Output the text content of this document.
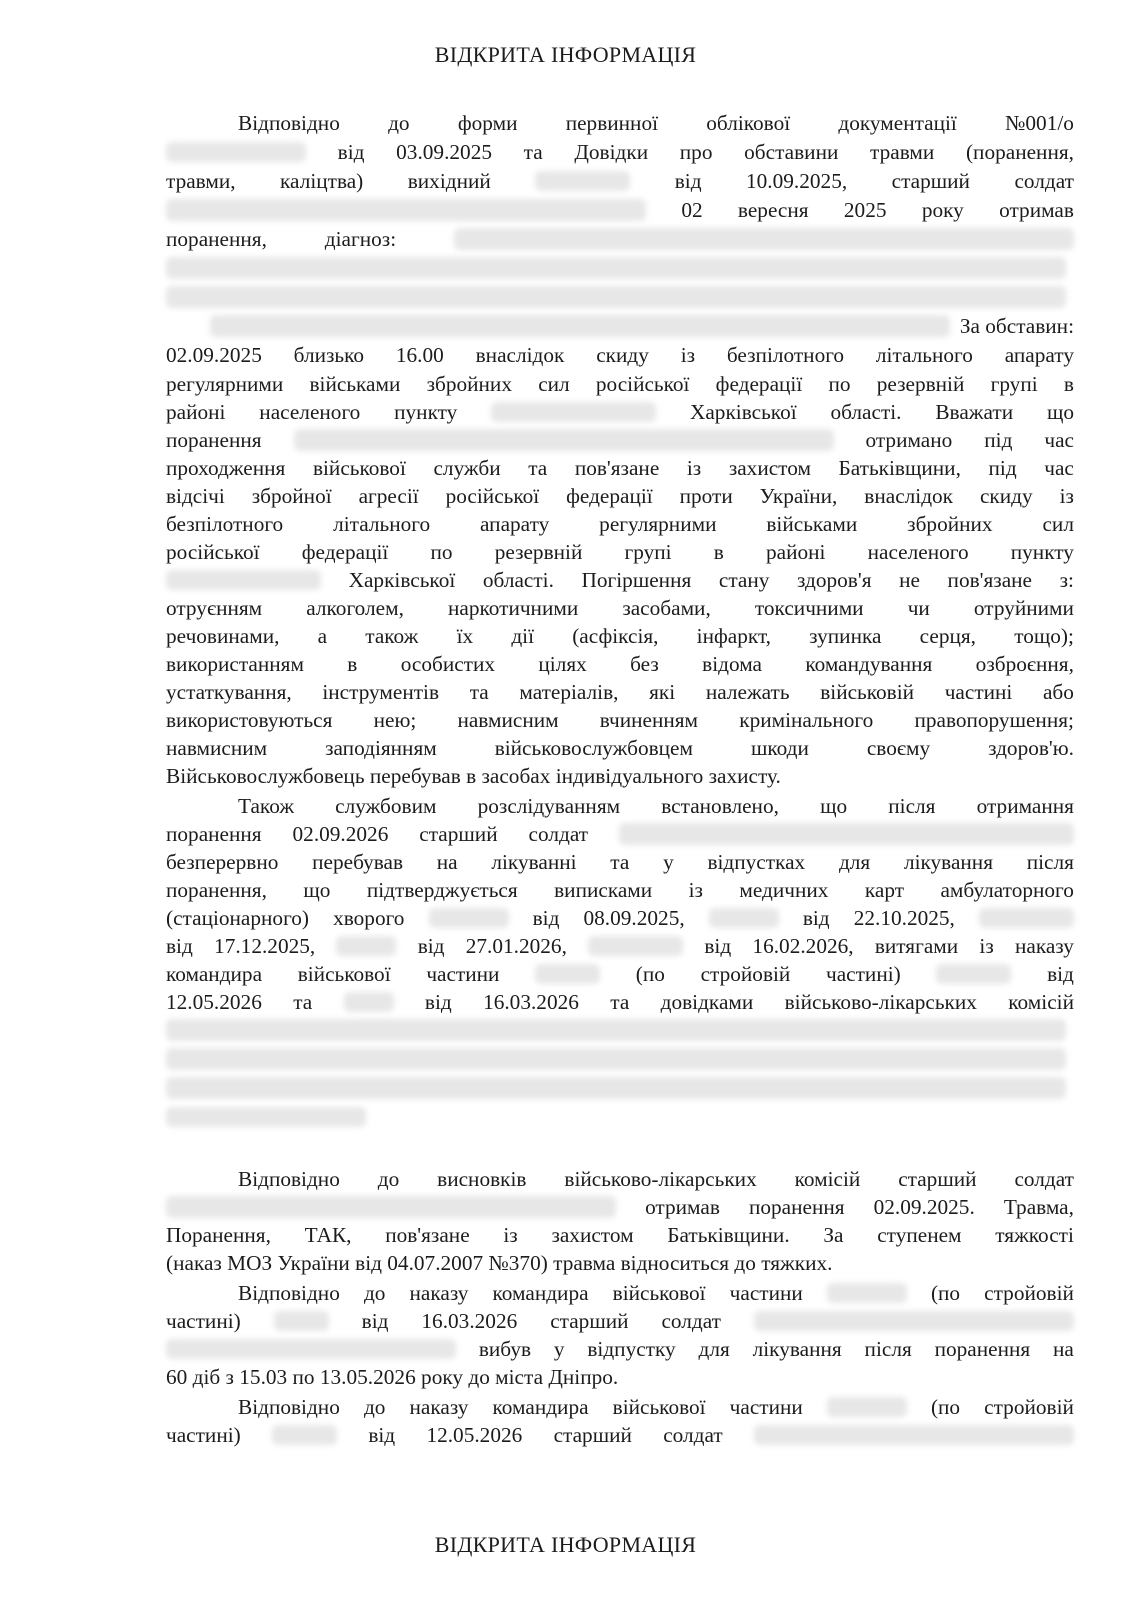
ВІДКРИТА ІНФОРМАЦІЯ
Відповідно до форми первинної облікової документації №001/о
від 03.09.2025 та Довідки про обставини травми (поранення,
травми, каліцтва) вихідний	від 10.09.2025, старший солдат
02 вересня 2025 року отримав
поранення,	діагноз:
За обставин:
02.09.2025 близько 16.00 внаслідок скиду із безпілотного літального апарату
регулярними військами збройних сил російської федерації по резервній групі в
районі населеного пункту	Харківської області. Вважати що
поранення	отримано під час
проходження військової служби та пов'язане із захистом Батьківщини, під час
відсічі збройної агресії російської федерації проти України, внаслідок скиду із
безпілотного літального апарату регулярними військами збройних сил
російської федерації по резервній групі в районі населеного пункту
Харківської області. Погіршення стану здоров'я не пов'язане з:
отруєнням алкоголем, наркотичними засобами, токсичними чи отруйними
речовинами, а також їх дії (асфіксія, інфаркт, зупинка серця, тощо);
використанням в особистих цілях без відома командування озброєння,
устаткування, інструментів та матеріалів, які належать військовій частині або
використовуються нею; навмисним вчиненням кримінального правопорушення;
навмисним	заподіянням	військовослужбовцем	шкоди	своєму	здоров'ю.
Військовослужбовець перебував в засобах індивідуального захисту.
Також службовим розслідуванням встановлено, що після отримання
поранення 02.09.2026 старший солдат
безперервно перебував на лікуванні та у відпустках для лікування після
поранення, що підтверджується виписками із медичних карт амбулаторного
(стаціонарного) хворого	від 08.09.2025,	від 22.10.2025,
від 17.12.2025,	від 27.01.2026,	від 16.02.2026, витягами із наказу
командира військової частини	(по стройовій частині)	від
12.05.2026 та	від 16.03.2026 та довідками військово-лікарських комісій
Відповідно до висновків військово-лікарських комісій старший солдат
отримав поранення 02.09.2025. Травма,
Поранення, ТАК, пов'язане із захистом Батьківщини. За ступенем тяжкості
(наказ МОЗ України від 04.07.2007 №370) травма відноситься до тяжких.
Відповідно до наказу командира військової частини	(по стройовій
частині)	від 16.03.2026 старший солдат
вибув у відпустку для лікування після поранення на
60 діб з 15.03 по 13.05.2026 року до міста Дніпро.
Відповідно до наказу командира військової частини	(по стройовій
частині)	від 12.05.2026 старший солдат
ВІДКРИТА ІНФОРМАЦІЯ
